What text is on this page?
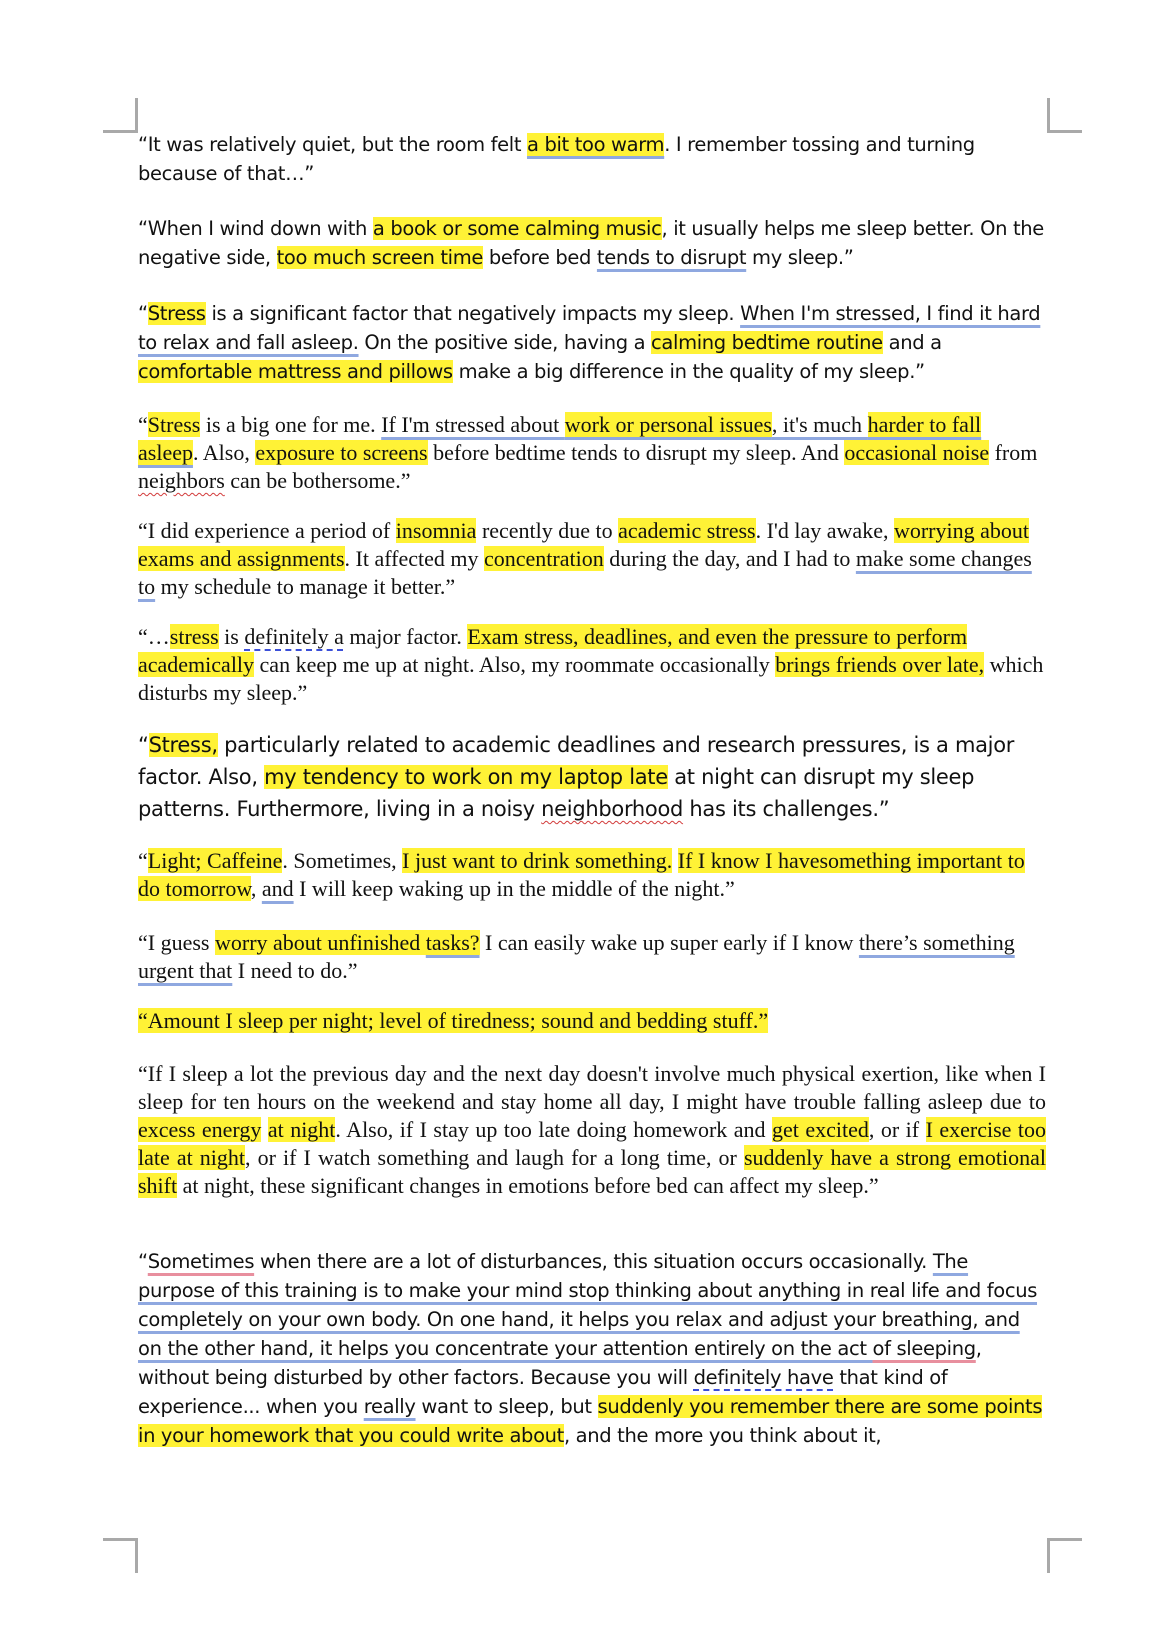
“It was relatively quiet, but the room felt a bit too warm. I remember tossing and turning because of that…”

“When I wind down with a book or some calming music, it usually helps me sleep better. On the negative side, too much screen time before bed tends to disrupt my sleep.”

“Stress is a significant factor that negatively impacts my sleep. When I'm stressed, I find it hard to relax and fall asleep. On the positive side, having a calming bedtime routine and a comfortable mattress and pillows make a big difference in the quality of my sleep.”

“Stress is a big one for me. If I'm stressed about work or personal issues, it's much harder to fall asleep. Also, exposure to screens before bedtime tends to disrupt my sleep. And occasional noise from neighbors can be bothersome.”

“I did experience a period of insomnia recently due to academic stress. I'd lay awake, worrying about exams and assignments. It affected my concentration during the day, and I had to make some changes to my schedule to manage it better.”

“…stress is definitely a major factor. Exam stress, deadlines, and even the pressure to perform academically can keep me up at night. Also, my roommate occasionally brings friends over late, which disturbs my sleep.”

“Stress, particularly related to academic deadlines and research pressures, is a major factor. Also, my tendency to work on my laptop late at night can disrupt my sleep patterns. Furthermore, living in a noisy neighborhood has its challenges.”

“Light; Caffeine. Sometimes, I just want to drink something. If I know I havesomething important to do tomorrow, and I will keep waking up in the middle of the night.”

“I guess worry about unfinished tasks? I can easily wake up super early if I know there’s something urgent that I need to do.”

“Amount I sleep per night; level of tiredness; sound and bedding stuff.”

“If I sleep a lot the previous day and the next day doesn't involve much physical exertion, like when I sleep for ten hours on the weekend and stay home all day, I might have trouble falling asleep due to excess energy at night. Also, if I stay up too late doing homework and get excited, or if I exercise too late at night, or if I watch something and laugh for a long time, or suddenly have a strong emotional shift at night, these significant changes in emotions before bed can affect my sleep.”

“Sometimes when there are a lot of disturbances, this situation occurs occasionally. The purpose of this training is to make your mind stop thinking about anything in real life and focus completely on your own body. On one hand, it helps you relax and adjust your breathing, and on the other hand, it helps you concentrate your attention entirely on the act of sleeping, without being disturbed by other factors. Because you will definitely have that kind of experience... when you really want to sleep, but suddenly you remember there are some points in your homework that you could write about, and the more you think about it,
